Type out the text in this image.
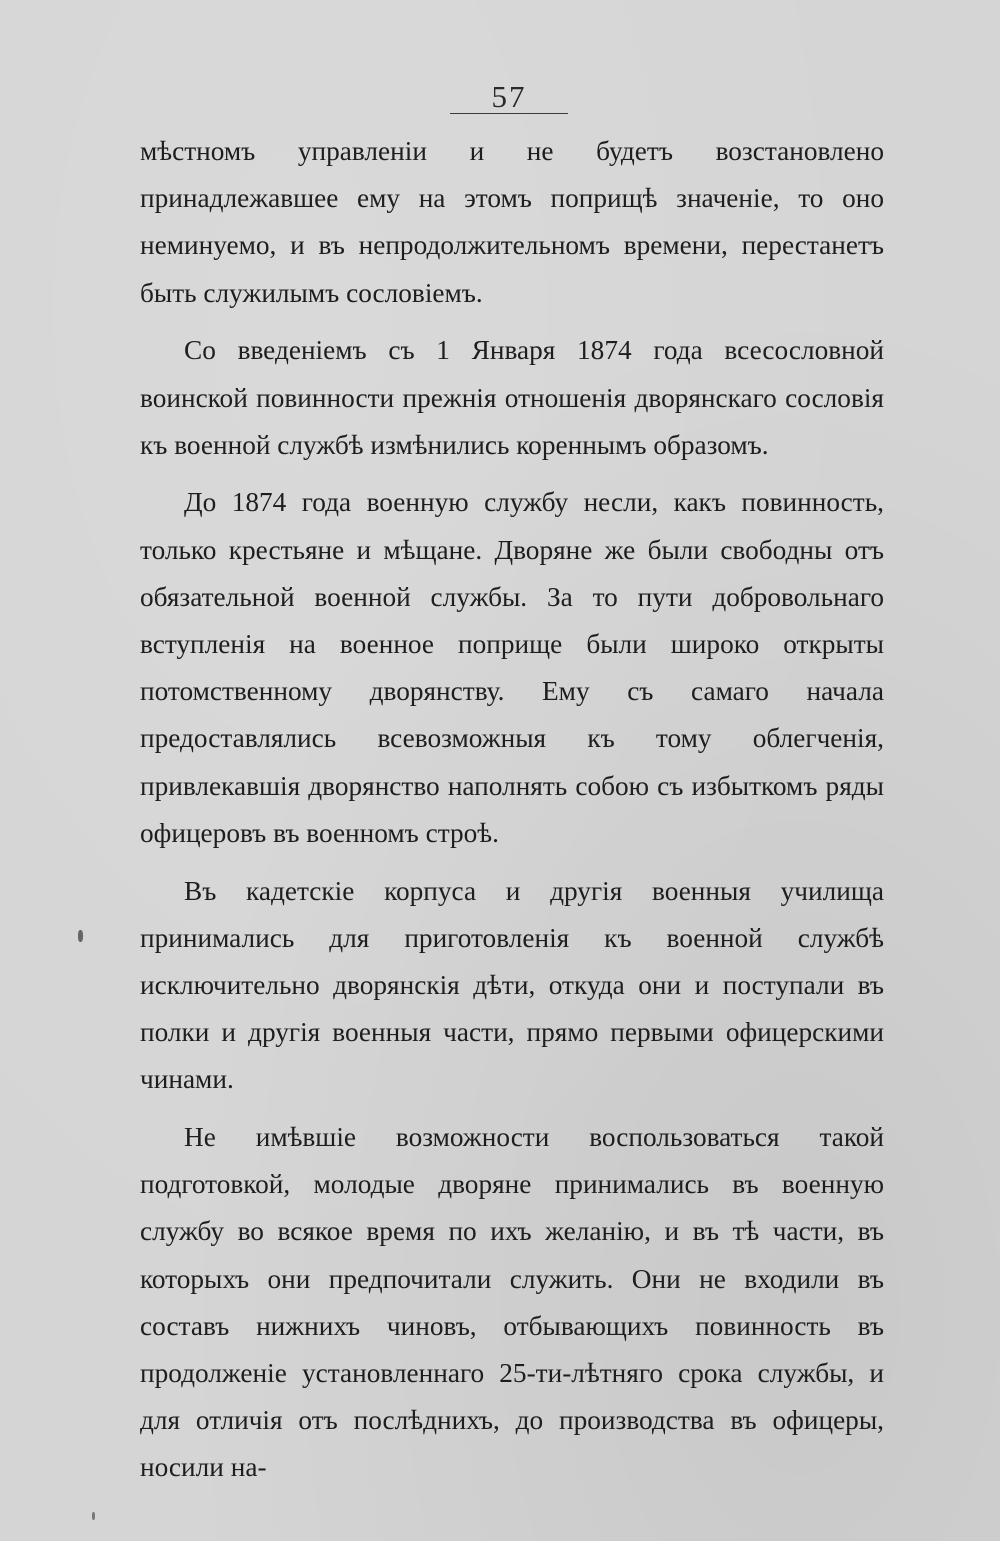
57

мѣстномъ управленіи и не будетъ возстановлено принадлежавшее ему на этомъ поприщѣ значеніе, то оно неминуемо, и въ непродолжительномъ времени, перестанетъ быть служилымъ сословіемъ.

Со введеніемъ съ 1 Января 1874 года всесословной воинской повинности прежнія отношенія дворянскаго сословія къ военной службѣ измѣнились кореннымъ образомъ.

До 1874 года военную службу несли, какъ повинность, только крестьяне и мѣщане. Дворяне же были свободны отъ обязательной военной службы. За то пути добровольнаго вступленія на военное поприще были широко открыты потомственному дворянству. Ему съ самаго начала предоставлялись всевозможныя къ тому облегченія, привлекавшія дворянство наполнять собою съ избыткомъ ряды офицеровъ въ военномъ строѣ.

Въ кадетскіе корпуса и другія военныя училища принимались для приготовленія къ военной службѣ исключительно дворянскія дѣти, откуда они и поступали въ полки и другія военныя части, прямо первыми офицерскими чинами.

Не имѣвшіе возможности воспользоваться такой подготовкой, молодые дворяне принимались въ военную службу во всякое время по ихъ желанію, и въ тѣ части, въ которыхъ они предпочитали служить. Они не входили въ составъ нижнихъ чиновъ, отбывающихъ повинность въ продолженіе установленнаго 25-ти-лѣтняго срока службы, и для отличія отъ послѣднихъ, до производства въ офицеры, носили на-
